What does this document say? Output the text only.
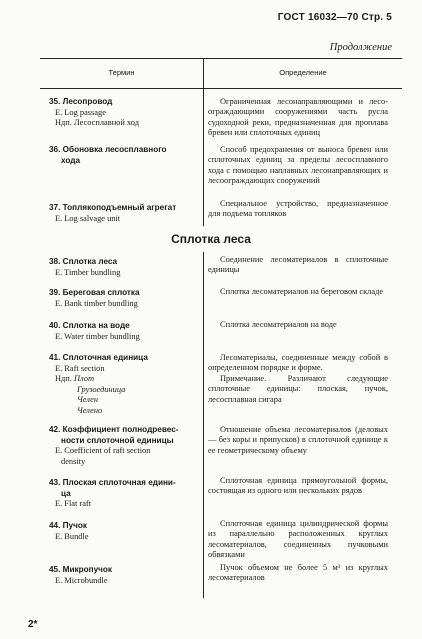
ГОСТ 16032—70 Стр. 5
Продолжение
Термин	Определение
Сплотка леса
35. Лесопровод
E. Log passage
Ндп. Лесосплавной ход
Ограниченная лесонаправляющими и лесо-ограждающими сооружениями часть русла судоходной реки, предназначенная для проплава бревен или сплоточных единиц
36. Обоновка лесосплавного
хода
Способ предохранения от выноса бревен или сплоточных единиц за пределы лесосплавного хода с помощью наплавных лесонаправляющих и лесоограждающих сооружений
37. Топлякоподъемный агрегат
E. Log salvage unit
Специальное устройство, предназначенное для подъема топляков
38. Сплотка леса
E. Timber bundling
Соединение лесоматериалов в сплоточные единицы
39. Береговая сплотка
E. Bank timber bundling
Сплотка лесоматериалов на береговом складе
40. Сплотка на воде
E. Water timber bundling
Сплотка лесоматериалов на воде
41. Сплоточная единица
E. Raft section
Ндп. Плот
Грузоединица
Челен
Челено
Лесоматериалы, соединенные между собой в определенном порядке и форме.
Примечание. Различают следующие сплоточные единицы: плоская, пучок, лесосплавная сигара
42. Коэффициент полнодревес-
ности сплоточной единицы
E. Coefficient of raft section
density
Отношение объема лесоматериалов (деловых — без коры и припусков) в сплоточной единице к ее геометрическому объему
43. Плоская сплоточная едини-
ца
E. Flat raft
Сплоточная единица прямоугольной формы, состоящая из одного или нескольких рядов
44. Пучок
E. Bundle
Сплоточная единица цилиндрической формы из параллельно расположенных круглых лесоматериалов, соединенных пучковыми обвязками
45. Микропучок
E. Microbundle
Пучок объемом не более 5 м³ из круглых лесоматериалов
2*
